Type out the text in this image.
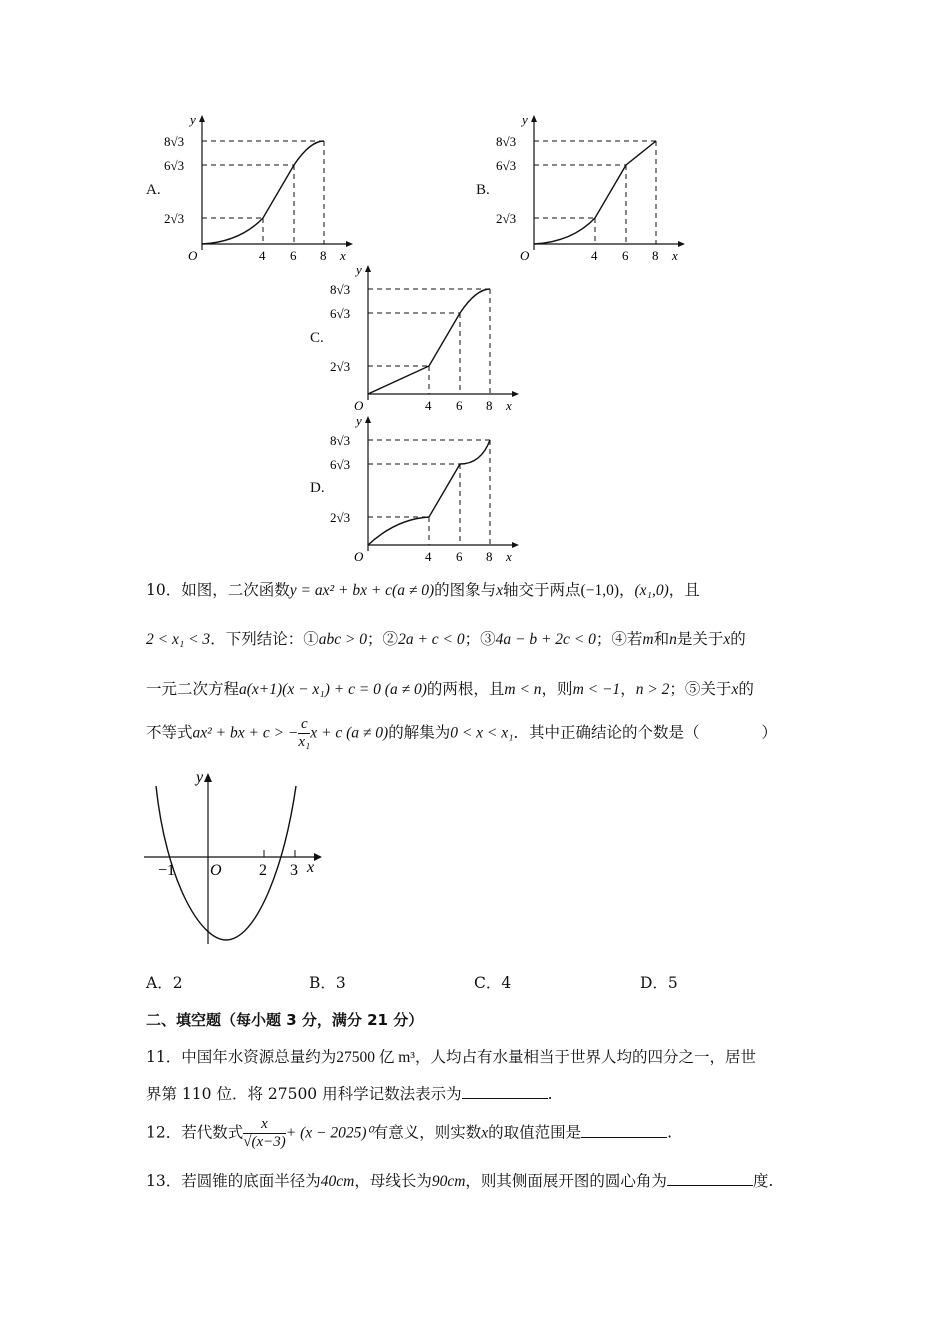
A.
8√3
6√3
2√3
4 6 8
O	x
y
B.
8√3
6√3
2√3
4 6 8
O	x
y
C.
8√3
6√3
2√3
4 6 8
O	x
y
D.
8√3
6√3
2√3
4 6 8
O	x
y
10．如图，二次函数y = ax² + bx + c(a ≠ 0)的图象与x轴交于两点(−1,0)，(x₁,0)，且
2 < x₁ < 3．下列结论：①abc > 0；②2a + c < 0；③4a − b + 2c < 0；④若m和n是关于x的
一元二次方程a(x+1)(x − x₁) + c = 0 (a ≠ 0)的两根，且m < n，则m < −1，n > 2；⑤关于x的
不等式ax² + bx + c > − $\frac{c}{\text{x₁}}$ x + c (a ≠ 0)的解集为0 < x < x₁．其中正确结论的个数是（　　　　）
y
x
O
−1	2 3
A．2	B．3	C．4	D．5
二、填空题（每小题 3 分，满分 21 分）
11．中国年水资源总量约为27500 亿 m³，人均占有水量相当于世界人均的四分之一，居世
界第 110 位．将 27500 用科学记数法表示为	.
12．若代数式 $\frac{x}{√(x-3)} + (x - 2025)^0$有意义，则实数x的取值范围是	.
13．若圆锥的底面半径为40cm，母线长为90cm，则其侧面展开图的圆心角为	度.
